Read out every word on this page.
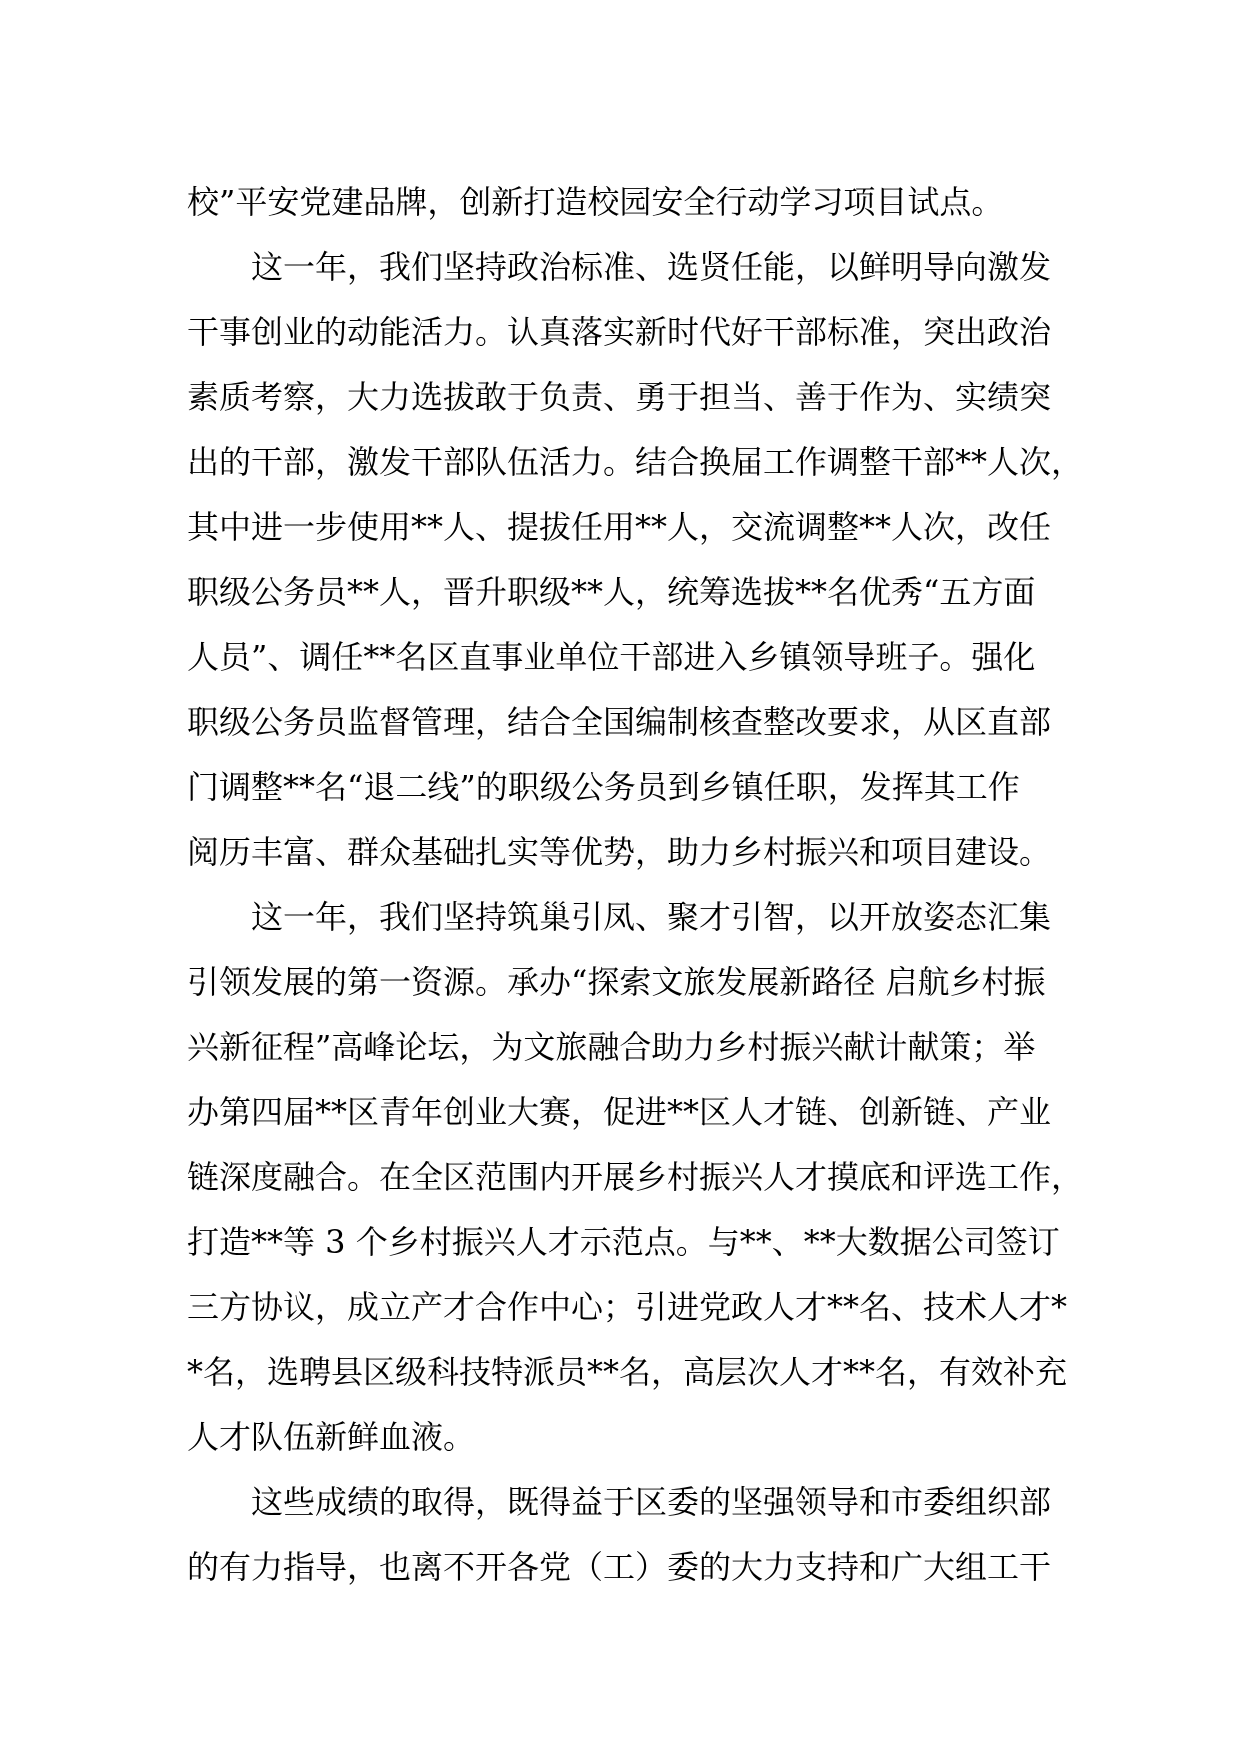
校”平安党建品牌，创新打造校园安全行动学习项目试点。
这一年，我们坚持政治标准、选贤任能，以鲜明导向激发
干事创业的动能活力。认真落实新时代好干部标准，突出政治
素质考察，大力选拔敢于负责、勇于担当、善于作为、实绩突
出的干部，激发干部队伍活力。结合换届工作调整干部**人次，
其中进一步使用**人、提拔任用**人，交流调整**人次，改任
职级公务员**人，晋升职级**人，统筹选拔**名优秀“五方面
人员”、调任**名区直事业单位干部进入乡镇领导班子。强化
职级公务员监督管理，结合全国编制核查整改要求，从区直部
门调整**名“退二线”的职级公务员到乡镇任职，发挥其工作
阅历丰富、群众基础扎实等优势，助力乡村振兴和项目建设。
这一年，我们坚持筑巢引凤、聚才引智，以开放姿态汇集
引领发展的第一资源。承办“探索文旅发展新路径 启航乡村振
兴新征程”高峰论坛，为文旅融合助力乡村振兴献计献策；举
办第四届**区青年创业大赛，促进**区人才链、创新链、产业
链深度融合。在全区范围内开展乡村振兴人才摸底和评选工作，
打造**等 3 个乡村振兴人才示范点。与**、**大数据公司签订
三方协议，成立产才合作中心；引进党政人才**名、技术人才*
*名，选聘县区级科技特派员**名，高层次人才**名，有效补充
人才队伍新鲜血液。
这些成绩的取得，既得益于区委的坚强领导和市委组织部
的有力指导，也离不开各党（工）委的大力支持和广大组工干
